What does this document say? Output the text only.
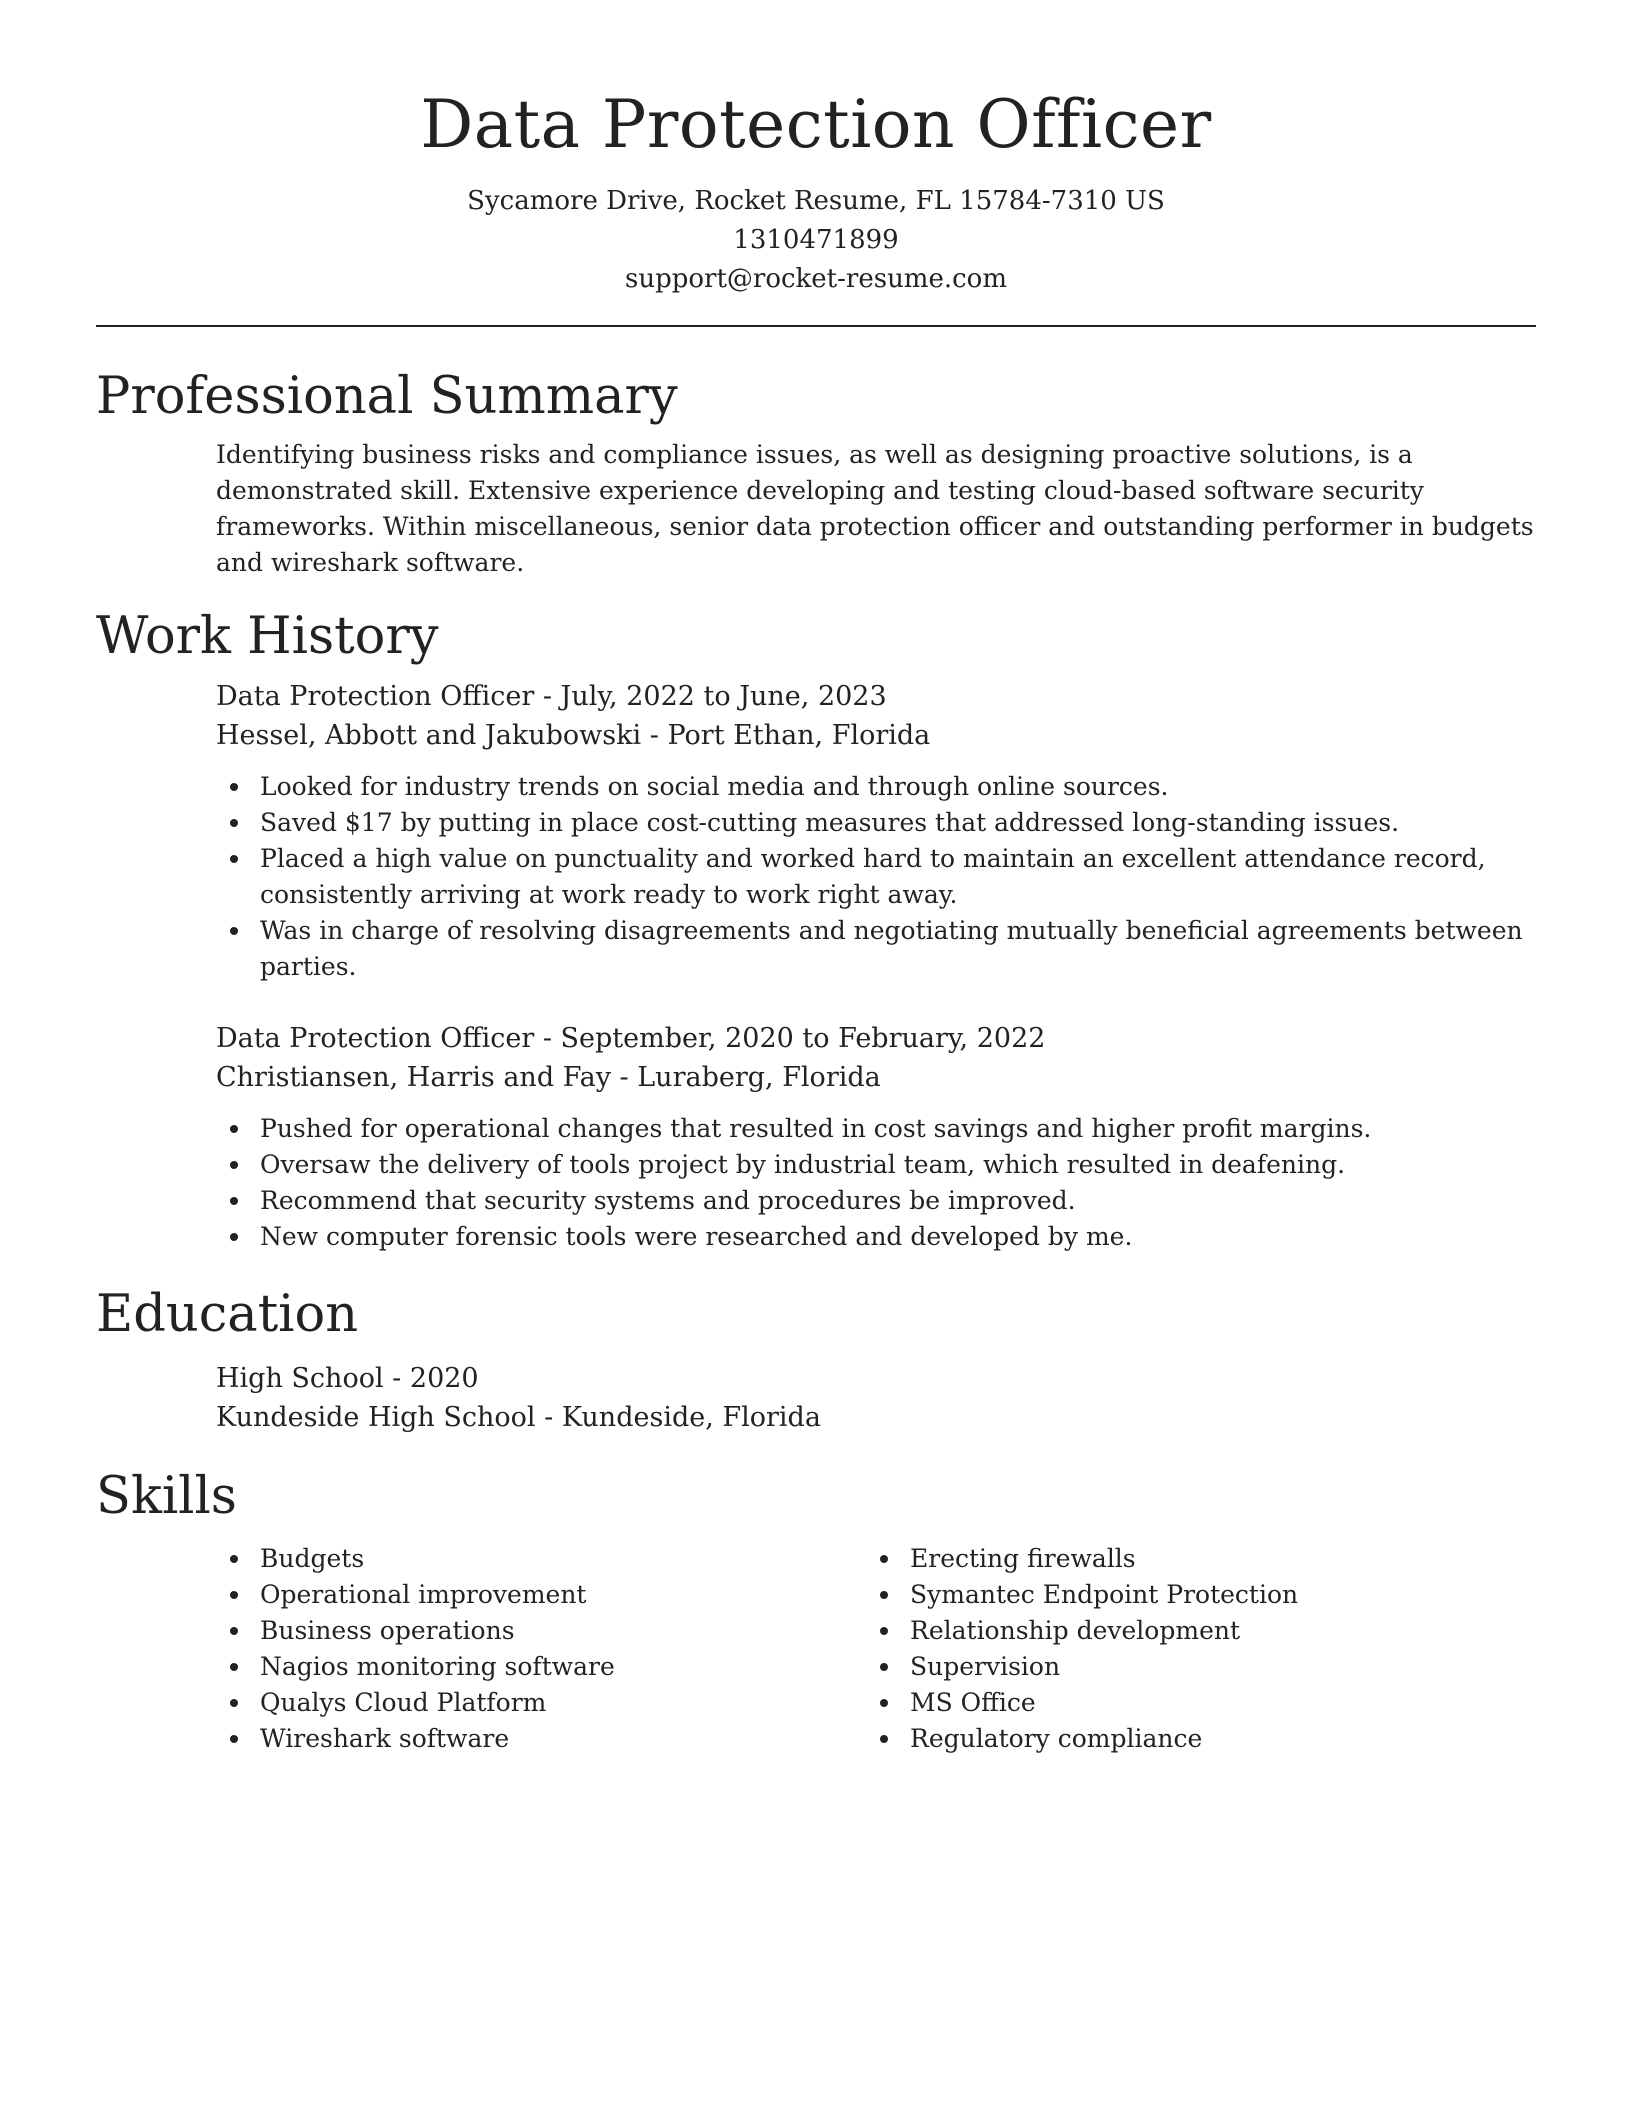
Data Protection Officer
Sycamore Drive, Rocket Resume, FL 15784-7310 US
1310471899
support@rocket-resume.com
Professional Summary

Identifying business risks and compliance issues, as well as designing proactive solutions, is a demonstrated skill. Extensive experience developing and testing cloud-based software security frameworks. Within miscellaneous, senior data protection officer and outstanding performer in budgets and wireshark software.

Work History
Data Protection Officer - July, 2022 to June, 2023
Hessel, Abbott and Jakubowski - Port Ethan, Florida
Looked for industry trends on social media and through online sources.
Saved $17 by putting in place cost-cutting measures that addressed long-standing issues.
Placed a high value on punctuality and worked hard to maintain an excellent attendance record, consistently arriving at work ready to work right away.
Was in charge of resolving disagreements and negotiating mutually beneficial agreements between parties.
Data Protection Officer - September, 2020 to February, 2022
Christiansen, Harris and Fay - Luraberg, Florida
Pushed for operational changes that resulted in cost savings and higher profit margins.
Oversaw the delivery of tools project by industrial team, which resulted in deafening.
Recommend that security systems and procedures be improved.
New computer forensic tools were researched and developed by me.
Education
High School - 2020
Kundeside High School - Kundeside, Florida
Skills
Budgets
Operational improvement
Business operations
Nagios monitoring software
Qualys Cloud Platform
Wireshark software
Erecting firewalls
Symantec Endpoint Protection
Relationship development
Supervision
MS Office
Regulatory compliance
